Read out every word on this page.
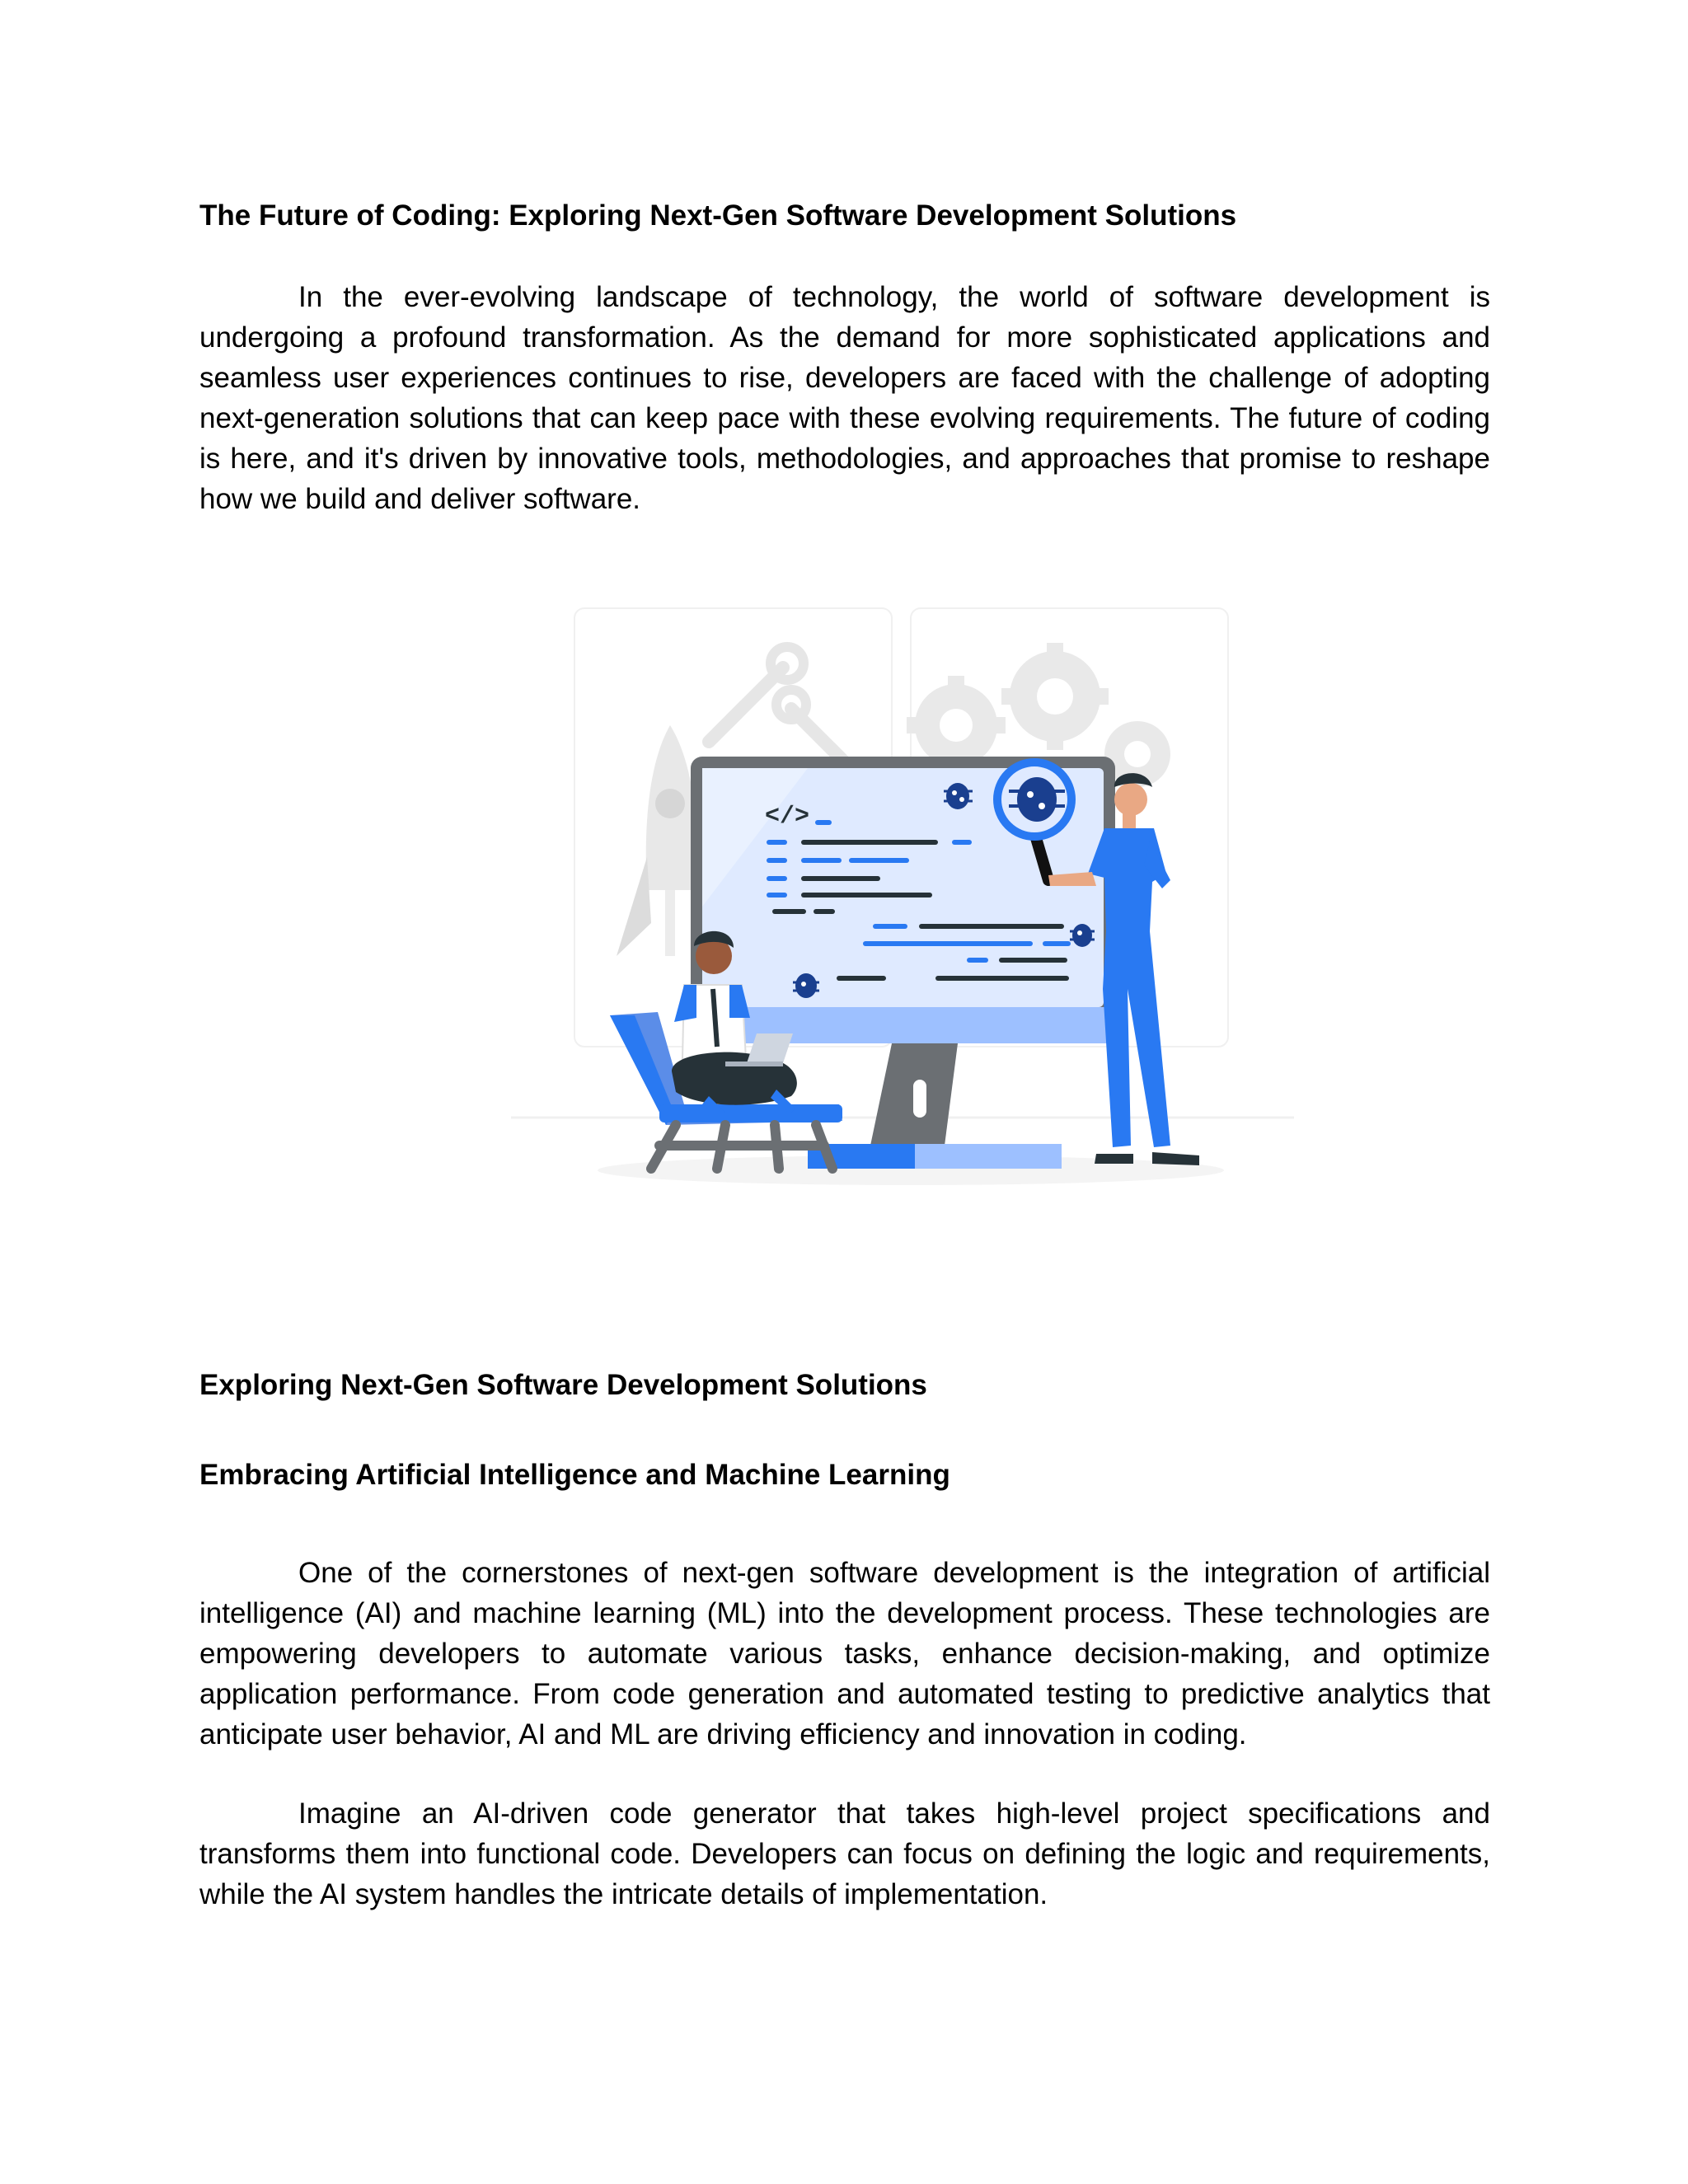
The Future of Coding: Exploring Next-Gen Software Development Solutions

In the ever-evolving landscape of technology, the world of software development is undergoing a profound transformation. As the demand for more sophisticated applications and seamless user experiences continues to rise, developers are faced with the challenge of adopting next-generation solutions that can keep pace with these evolving requirements. The future of coding is here, and it's driven by innovative tools, methodologies, and approaches that promise to reshape how we build and deliver software.

</>
Exploring Next-Gen Software Development Solutions
Embracing Artificial Intelligence and Machine Learning

One of the cornerstones of next-gen software development is the integration of artificial intelligence (AI) and machine learning (ML) into the development process. These technologies are empowering developers to automate various tasks, enhance decision-making, and optimize application performance. From code generation and automated testing to predictive analytics that anticipate user behavior, AI and ML are driving efficiency and innovation in coding.

Imagine an AI-driven code generator that takes high-level project specifications and transforms them into functional code. Developers can focus on defining the logic and requirements, while the AI system handles the intricate details of implementation.
